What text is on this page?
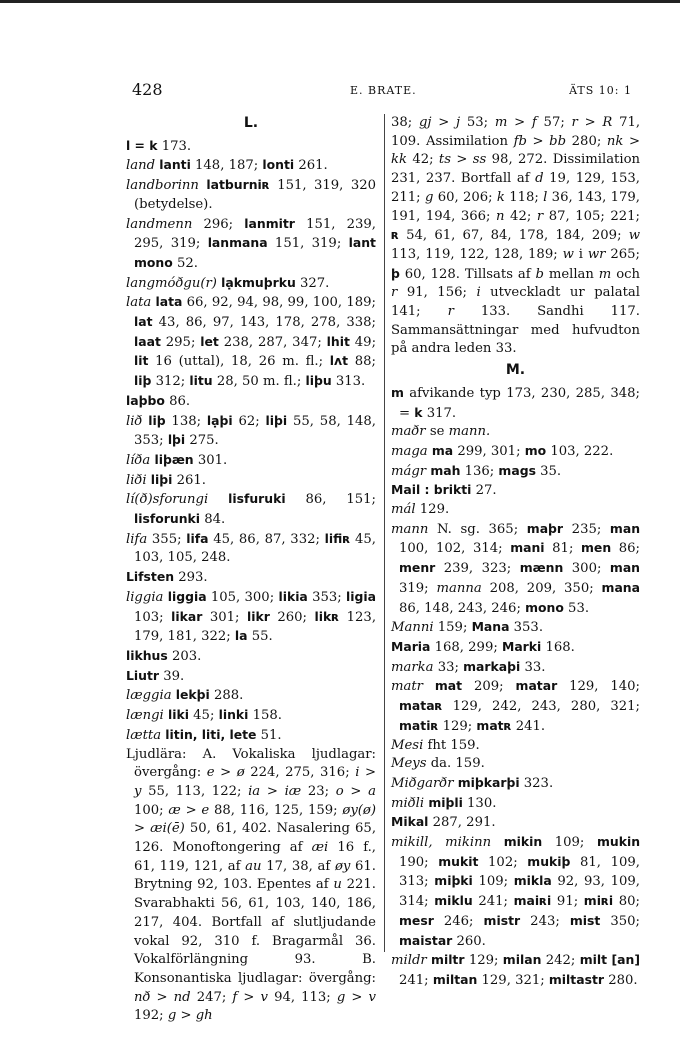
428	E. BRATE.	ÄTS 10: 1
L.

l = k 173.

land lanti 148, 187; lonti 261.

landborinn latburniʀ 151, 319, 320 (betydelse).

landmenn 296; lanmitr 151, 239, 295, 319; lanmana 151, 319; lant mono 52.

langmóðgu(r) lạkmuþrku 327.

lata lata 66, 92, 94, 98, 99, 100, 189; lat 43, 86, 97, 143, 178, 278, 338; laat 295; let 238, 287, 347; lhit 49; lit 16 (uttal), 18, 26 m. fl.; lʌt 88; liþ 312; litu 28, 50 m. fl.; liþu 313.

laþbo 86.

lið liþ 138; lạþi 62; liþi 55, 58, 148, 353; lþi 275.

líða liþæn 301.

liði liþi 261.

lí(ð)sforungi lisfuruki 86, 151; lisforunki 84.

lifa 355; lifa 45, 86, 87, 332; lifiʀ 45, 103, 105, 248.

Lifsten 293.

liggia liggia 105, 300; likia 353; ligia 103; likar 301; likr 260; likʀ 123, 179, 181, 322; la 55.

likhus 203.

Liutr 39.

læggia lekþi 288.

længi liki 45; linki 158.

lætta litin, liti, lete 51.

Ljudlära: A. Vokaliska ljudlagar: övergång: e > ø 224, 275, 316; i > y 55, 113, 122; ia > iæ 23; o > a 100; æ > e 88, 116, 125, 159; øy(ø) > æi(ē) 50, 61, 402. Nasalering 65, 126. Monoftongering af æi 16 f., 61, 119, 121, af au 17, 38, af øy 61. Brytning 92, 103. Epentes af u 221. Svarabhakti 56, 61, 103, 140, 186, 217, 404. Bortfall af slutljudande vokal 92, 310 f. Bragarmål 36. Vokalförlängning 93. B. Konsonantiska ljudlagar: övergång: nð > nd 247; f > v 94, 113; g > v 192; g > gh

38; gj > j 53; m > f 57; r > R 71, 109. Assimilation fb > bb 280; nk > kk 42; ts > ss 98, 272. Dissimilation 231, 237. Bortfall af d 19, 129, 153, 211; g 60, 206; k 118; l 36, 143, 179, 191, 194, 366; n 42; r 87, 105; 221; ʀ 54, 61, 67, 84, 178, 184, 209; w 113, 119, 122, 128, 189; w i wr 265; þ 60, 128. Tillsats af b mellan m och r 91, 156; i utveckladt ur palatal 141; r 133. Sandhi 117. Sammansättningar med hufvudton på andra leden 33.

M.

m afvikande typ 173, 230, 285, 348; = k 317.

maðr se mann.

maga ma 299, 301; mo 103, 222.

mágr mah 136; mags 35.

Mail : brikti 27.

mál 129.

mann N. sg. 365; maþr 235; man 100, 102, 314; mani 81; men 86; menr 239, 323; mænn 300; man 319; manna 208, 209, 350; mana 86, 148, 243, 246; mono 53.

Manni 159; Mana 353.

Maria 168, 299; Marki 168.

marka 33; markaþi 33.

matr mat 209; matar 129, 140; mataʀ 129, 242, 243, 280, 321; matiʀ 129; matʀ 241.

Mesi fht 159.

Meys da. 159.

Miðgarðr miþkarþi 323.

miðli miþli 130.

Mikal 287, 291.

mikill, mikinn mikin 109; mukin 190; mukit 102; mukiþ 81, 109, 313; miþki 109; mikla 92, 93, 109, 314; miklu 241; maiʀi 91; miʀi 80; mesr 246; mistr 243; mist 350; maistar 260.

mildr miltr 129; milan 242; milt [an] 241; miltan 129, 321; miltastr 280.
